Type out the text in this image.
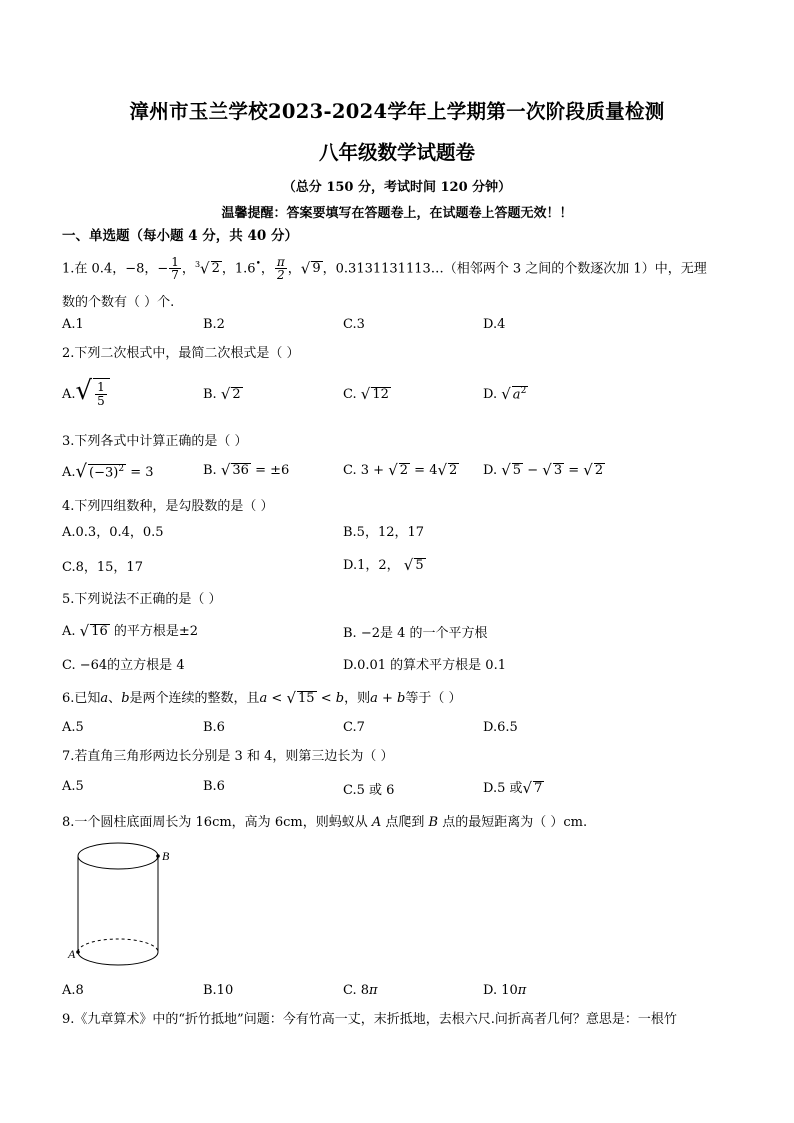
漳州市玉兰学校2023-2024学年上学期第一次阶段质量检测
八年级数学试题卷
（总分 150 分，考试时间 120 分钟）
温馨提醒：答案要填写在答题卷上，在试题卷上答题无效！！
一、单选题（每小题 4 分，共 40 分）
1.在 0.4，−8，− $\frac{1}{7}$ ，$^3$√ 2 ，1.6•， $\frac{\pi}{2}$ ，√ 9 ，0.3131131113…（相邻两个 3 之间的个数逐次加 1）中，无理
数的个数有（ ）个.
A.1	B.2	C.3	D.4
2.下列二次根式中，最简二次根式是（ ）
$A.√ \frac{1}{5}$	B. √ 2	C. √ 12	D. √ $a^2$
3.下列各式中计算正确的是（ ）
A.√ $(-3)^2 = 3$	B. √ 36 = ±6	C. 3 + √ 2 = 4√ 2 D. √ 5 − √ 3 = √ 2
4.下列四组数种，是勾股数的是（ ）
A.0.3，0.4，0.5	B.5，12，17
C.8，15，17	D.1，2， √ 5
5.下列说法不正确的是（ ）
A. √ 16 的平方根是±2	B. −2是 4 的一个平方根
C. −64的立方根是 4	D.0.01 的算术平方根是 0.1
6.已知a、b是两个连续的整数，且a < √ 15 < b，则a + b等于（ ）
A.5	B.6	C.7	D.6.5
7.若直角三角形两边长分别是 3 和 4，则第三边长为（ ）
A.5	B.6	C.5 或 6	D.5 或√ 7
8.一个圆柱底面周长为 16cm，高为 6cm，则蚂蚁从 A 点爬到 B 点的最短距离为（ ）cm.
B
A
A.8	B.10	C. 8π	D. 10π
9.《九章算术》中的“折竹抵地”问题：今有竹高一丈，末折抵地，去根六尺.问折高者几何？意思是：一根竹
